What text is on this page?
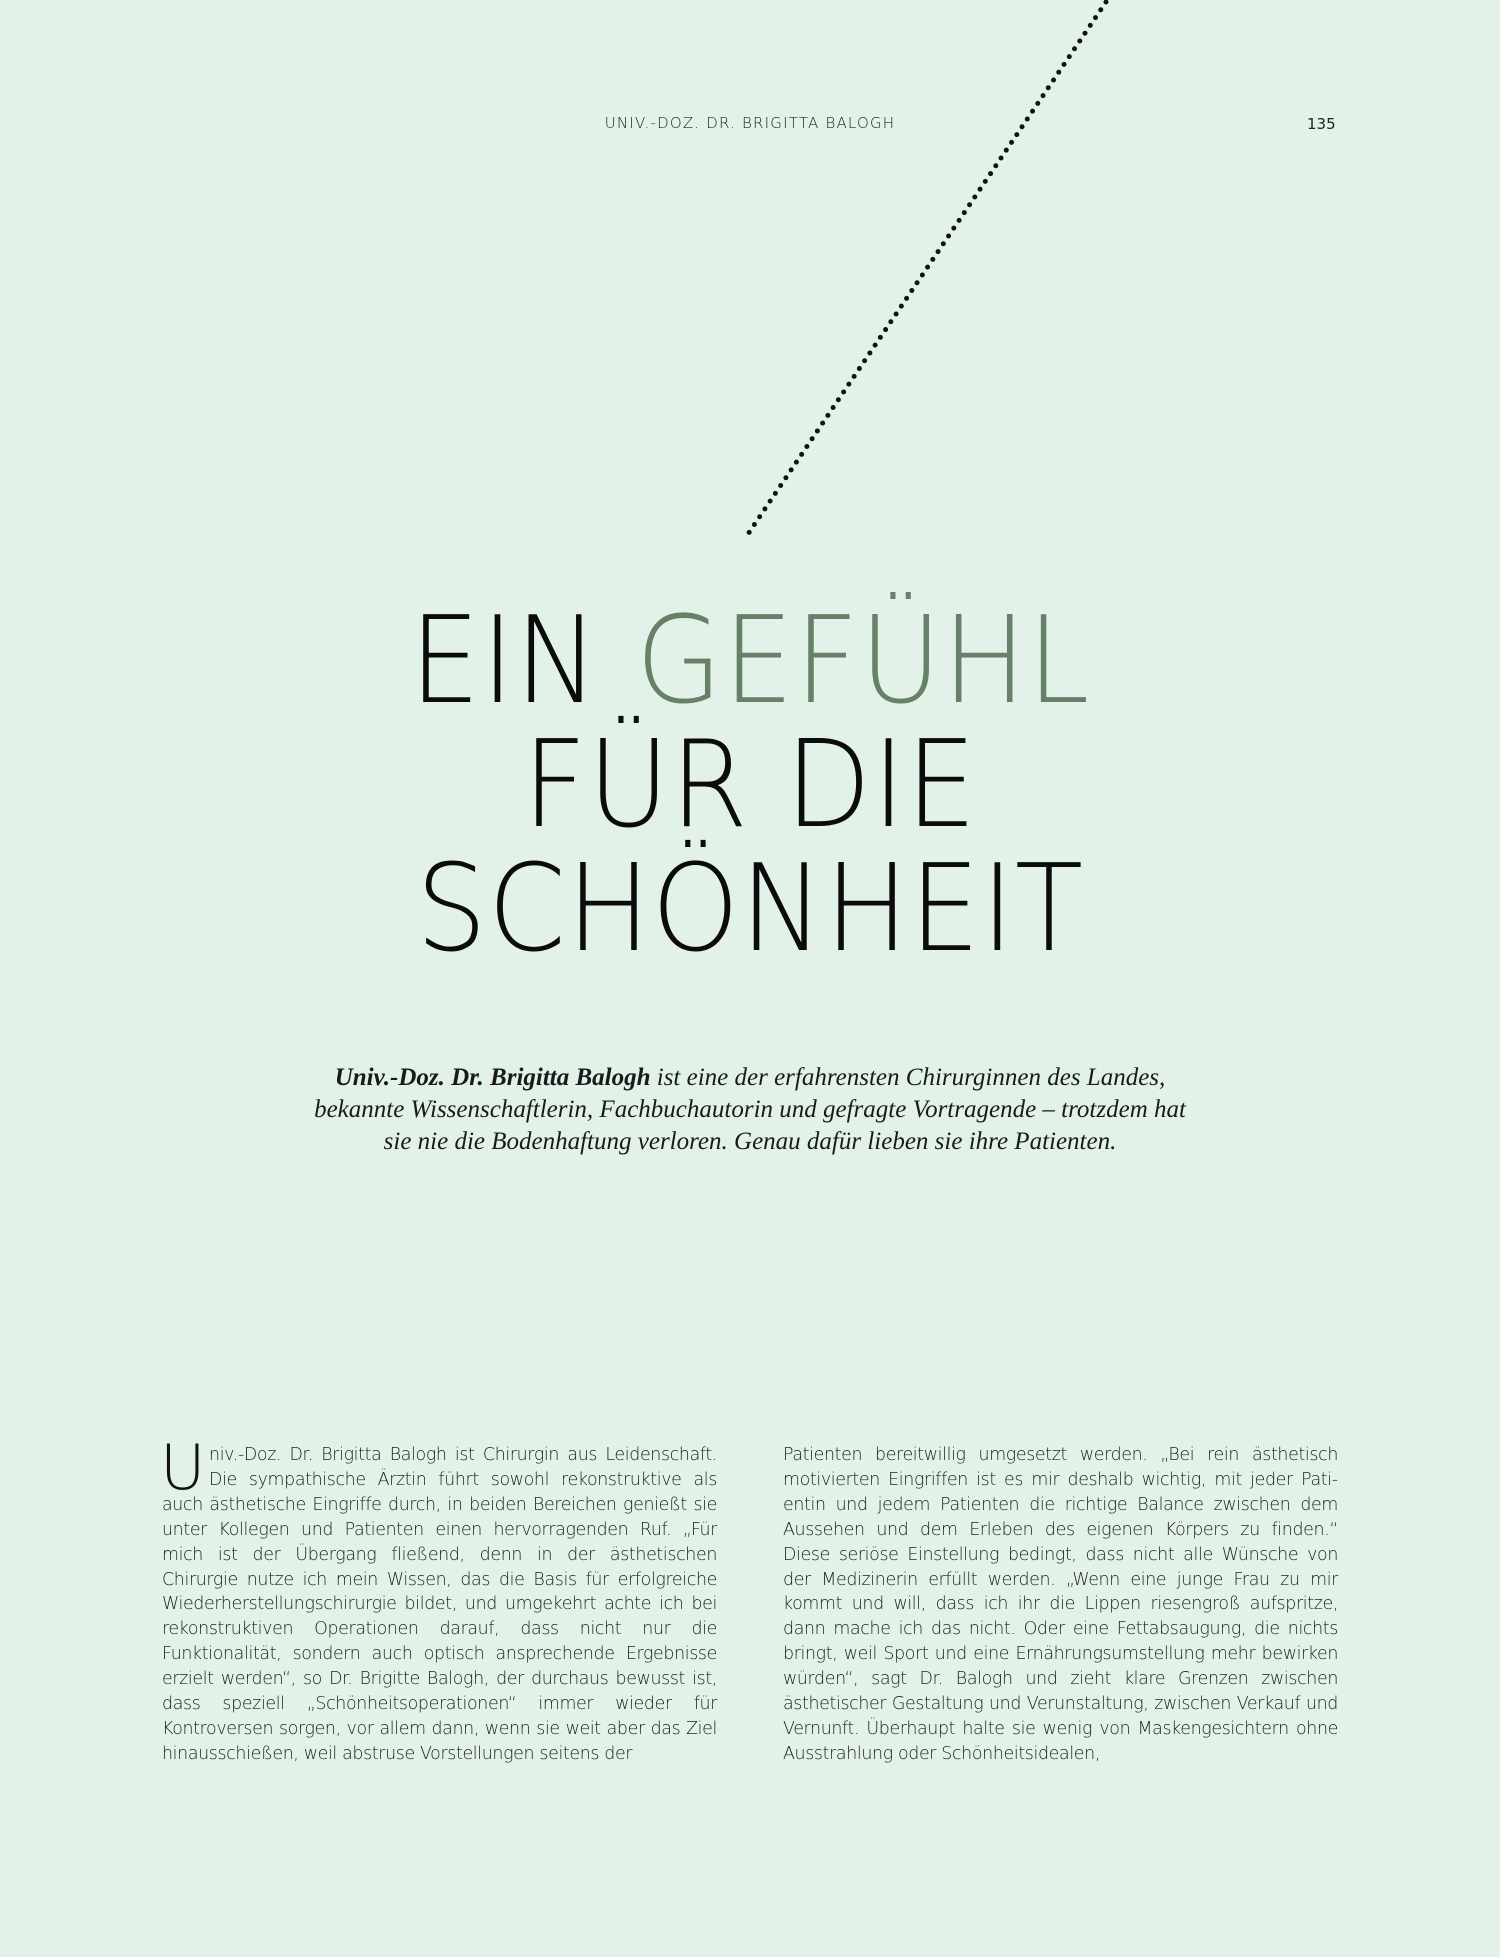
UNIV.-DOZ. DR. BRIGITTA BALOGH	135
EIN GEFÜHL
FÜR DIE
SCHÖNHEIT
Univ.-Doz. Dr. Brigitta Balogh ist eine der erfahrensten Chirurginnen des Landes, bekannte Wissenschaftlerin, Fachbuchautorin und gefragte Vortragende – trotzdem hat sie nie die Bodenhaftung verloren. Genau dafür lieben sie ihre Patienten.
Univ.-Doz. Dr. Brigitta Balogh ist Chirurgin aus Leidenschaft. Die sympathische Ärztin führt sowohl rekonstruktive als auch ästhetische Eingriffe durch, in beiden Bereichen genießt sie unter Kollegen und Patienten einen hervorragenden Ruf. „Für mich ist der Übergang fließend, denn in der ästhetischen Chirurgie nutze ich mein Wissen, das die Basis für erfolgreiche Wiederherstellungschirurgie bildet, und umgekehrt achte ich bei rekonstruktiven Operationen darauf, dass nicht nur die Funktionalität, sondern auch optisch ansprechende Ergebnisse erzielt werden“, so Dr. Brigitte Balogh, der durchaus bewusst ist, dass speziell „Schönheitsoperationen“ immer wieder für Kontroversen sorgen, vor allem dann, wenn sie weit aber das Ziel hinausschießen, weil abstruse Vorstellungen seitens der
Patienten bereitwillig umgesetzt werden. „Bei rein ästhetisch motivierten Eingriffen ist es mir deshalb wichtig, mit jeder Patientin und jedem Patienten die richtige Balance zwischen dem Aussehen und dem Erleben des eigenen Körpers zu finden.“ Diese seriöse Einstellung bedingt, dass nicht alle Wünsche von der Medizinerin erfüllt werden. „Wenn eine junge Frau zu mir kommt und will, dass ich ihr die Lippen riesengroß aufspritze, dann mache ich das nicht. Oder eine Fettabsaugung, die nichts bringt, weil Sport und eine Ernährungsumstellung mehr bewirken würden“, sagt Dr. Balogh und zieht klare Grenzen zwischen ästhetischer Gestaltung und Verunstaltung, zwischen Verkauf und Vernunft. Überhaupt halte sie wenig von Maskengesichtern ohne Ausstrahlung oder Schönheitsidealen,
